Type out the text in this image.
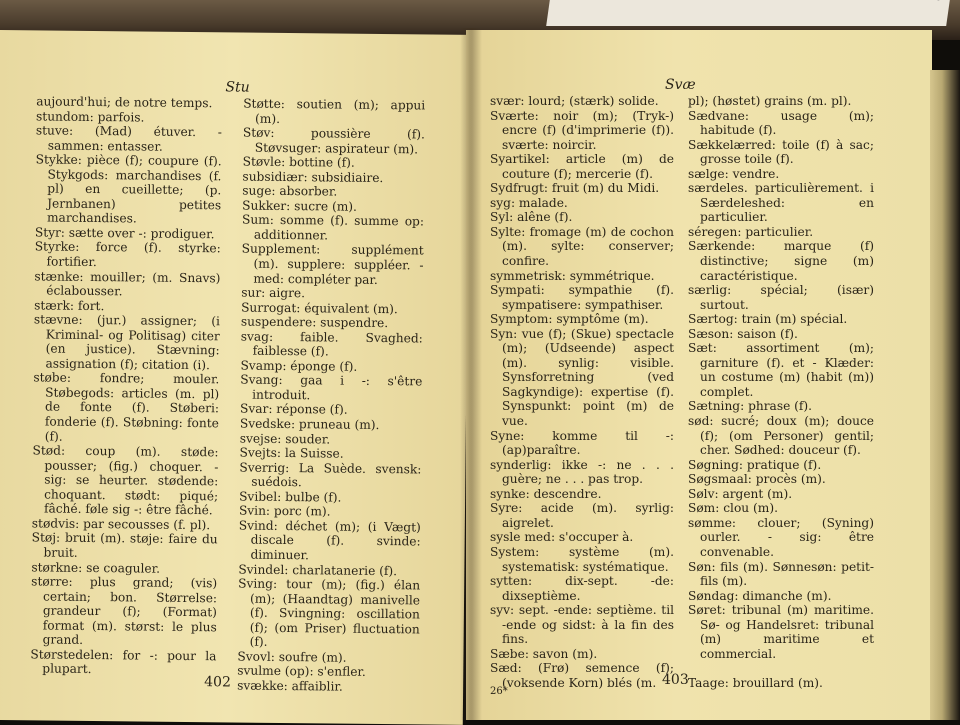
Stu

aujourd'hui; de notre temps.

stundom: parfois.

stuve: (Mad) étuver. - sammen: entasser.

Stykke: pièce (f); coupure (f). Stykgods: marchandises (f. pl) en cueillette; (p. Jernbanen) petites marchandises.

Styr: sætte over -: prodiguer.

Styrke: force (f). styrke: fortifier.

stænke: mouiller; (m. Snavs) éclabousser.

stærk: fort.

stævne: (jur.) assigner; (i Kriminal- og Politisag) citer (en justice). Stævning: assignation (f); citation (i).

støbe: fondre; mouler. Støbegods: articles (m. pl) de fonte (f). Støberi: fonderie (f). Støbning: fonte (f).

Stød: coup (m). støde: pousser; (fig.) choquer. - sig: se heurter. stødende: choquant. stødt: piqué; fâché. føle sig -: être fâché.

stødvis: par secousses (f. pl).

Støj: bruit (m). støje: faire du bruit.

størkne: se coaguler.

større: plus grand; (vis) certain; bon. Størrelse: grandeur (f); (Format) format (m). størst: le plus grand.

Størstedelen: for -: pour la plupart.

Støtte: soutien (m); appui (m).

Støv: poussière (f). Støvsuger: aspirateur (m).

Støvle: bottine (f).

subsidiær: subsidiaire.

suge: absorber.

Sukker: sucre (m).

Sum: somme (f). summe op: additionner.

Supplement: supplément (m). supplere: suppléer. - med: compléter par.

sur: aigre.

Surrogat: équivalent (m).

suspendere: suspendre.

svag: faible. Svaghed: faiblesse (f).

Svamp: éponge (f).

Svang: gaa i -: s'être introduit.

Svar: réponse (f).

Svedske: pruneau (m).

svejse: souder.

Svejts: la Suisse.

Sverrig: La Suède. svensk: suédois.

Svibel: bulbe (f).

Svin: porc (m).

Svind: déchet (m); (i Vægt) discale (f). svinde: diminuer.

Svindel: charlatanerie (f).

Sving: tour (m); (fig.) élan (m); (Haandtag) manivelle (f). Svingning: oscillation (f); (om Priser) fluctuation (f).

Svovl: soufre (m).

svulme (op): s'enfler.

svække: affaiblir.

402
Svæ

svær: lourd; (stærk) solide.

Sværte: noir (m); (Tryk-) encre (f) (d'imprimerie (f)). sværte: noircir.

Syartikel: article (m) de couture (f); mercerie (f).

Sydfrugt: fruit (m) du Midi.

syg: malade.

Syl: alêne (f).

Sylte: fromage (m) de cochon (m). sylte: conserver; confire.

symmetrisk: symmétrique.

Sympati: sympathie (f). sympatisere: sympathiser.

Symptom: symptôme (m).

Syn: vue (f); (Skue) spectacle (m); (Udseende) aspect (m). synlig: visible. Synsforretning (ved Sagkyndige): expertise (f). Synspunkt: point (m) de vue.

Syne: komme til -: (ap)paraître.

synderlig: ikke -: ne . . . guère; ne . . . pas trop.

synke: descendre.

Syre: acide (m). syrlig: aigrelet.

sysle med: s'occuper à.

System: système (m). systematisk: systématique.

sytten: dix-sept. -de: dixseptième.

syv: sept. -ende: septième. til -ende og sidst: à la fin des fins.

Sæbe: savon (m).

Sæd: (Frø) semence (f); (voksende Korn) blés (m.

pl); (høstet) grains (m. pl).

Sædvane: usage (m); habitude (f).

Sækkelærred: toile (f) à sac; grosse toile (f).

sælge: vendre.

særdeles. particulièrement. i Særdeleshed: en particulier.

séregen: particulier.

Særkende: marque (f) distinctive; signe (m) caractéristique.

særlig: spécial; (især) surtout.

Særtog: train (m) spécial.

Sæson: saison (f).

Sæt: assortiment (m); garniture (f). et - Klæder: un costume (m) (habit (m)) complet.

Sætning: phrase (f).

sød: sucré; doux (m); douce (f); (om Personer) gentil; cher. Sødhed: douceur (f).

Søgning: pratique (f).

Søgsmaal: procès (m).

Sølv: argent (m).

Søm: clou (m).

sømme: clouer; (Syning) ourler. - sig: être convenable.

Søn: fils (m). Sønnesøn: petit-fils (m).

Søndag: dimanche (m).

Søret: tribunal (m) maritime. Sø- og Handelsret: tribunal (m) maritime et commercial.

Taage: brouillard (m).

26*
403
